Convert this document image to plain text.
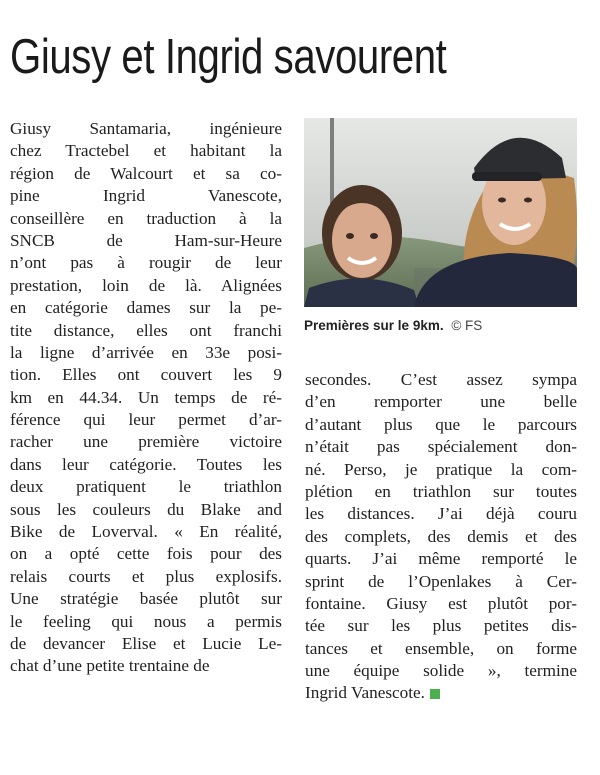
Giusy et Ingrid savourent
Giusy Santamaria, ingénieure
chez Tractebel et habitant la
région de Walcourt et sa co-
pine Ingrid Vanescote,
conseillère en traduction à la
SNCB de Ham-sur-Heure
n’ont pas à rougir de leur
prestation, loin de là. Alignées
en catégorie dames sur la pe-
tite distance, elles ont franchi
la ligne d’arrivée en 33e posi-
tion. Elles ont couvert les 9
km en 44.34. Un temps de ré-
férence qui leur permet d’ar-
racher une première victoire
dans leur catégorie. Toutes les
deux pratiquent le triathlon
sous les couleurs du Blake and
Bike de Loverval. « En réalité,
on a opté cette fois pour des
relais courts et plus explosifs.
Une stratégie basée plutôt sur
le feeling qui nous a permis
de devancer Elise et Lucie Le-
chat d’une petite trentaine de
Premières sur le 9km. © FS
secondes. C’est assez sympa
d’en remporter une belle
d’autant plus que le parcours
n’était pas spécialement don-
né. Perso, je pratique la com-
plétion en triathlon sur toutes
les distances. J’ai déjà couru
des complets, des demis et des
quarts. J’ai même remporté le
sprint de l’Openlakes à Cer-
fontaine. Giusy est plutôt por-
tée sur les plus petites dis-
tances et ensemble, on forme
une équipe solide », termine
Ingrid Vanescote.
